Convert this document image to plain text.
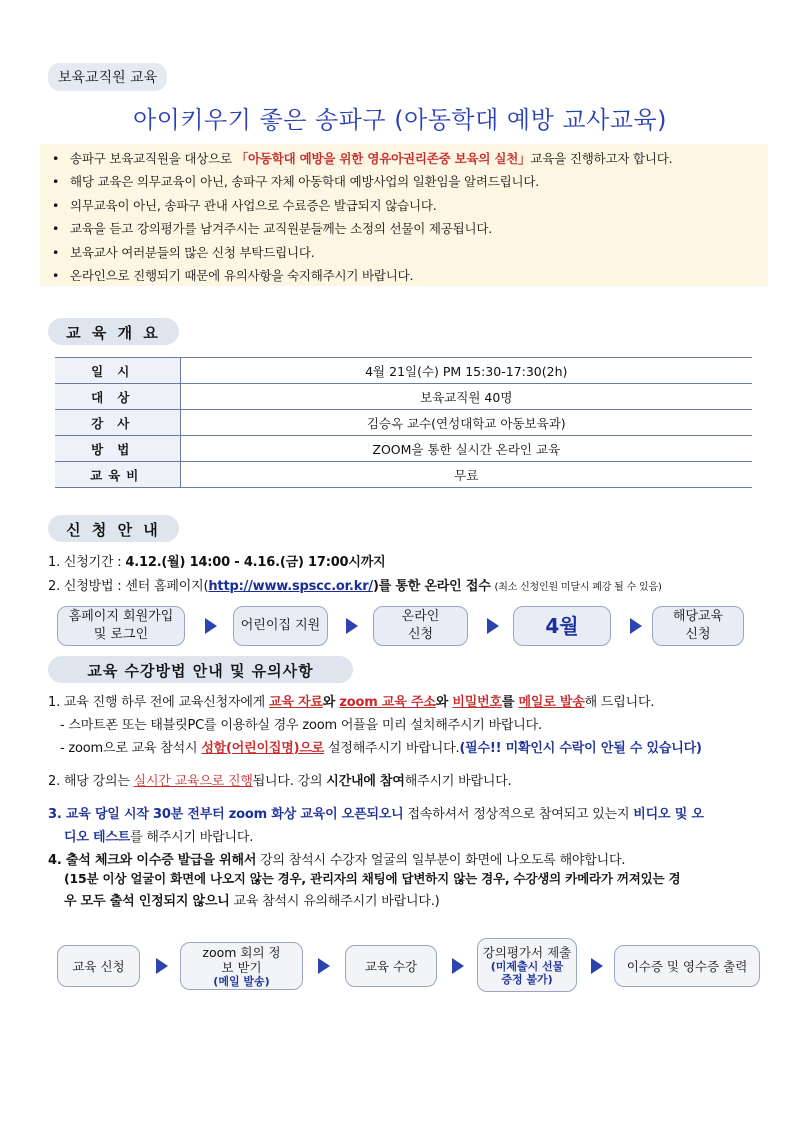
보육교직원 교육
아이키우기 좋은 송파구 (아동학대 예방 교사교육)
• 송파구 보육교직원을 대상으로 「아동학대 예방을 위한 영유아권리존중 보육의 실천」교육을 진행하고자 합니다.
• 해당 교육은 의무교육이 아닌, 송파구 자체 아동학대 예방사업의 일환임을 알려드립니다.
• 의무교육이 아닌, 송파구 관내 사업으로 수료증은 발급되지 않습니다.
• 교육을 듣고 강의평가를 남겨주시는 교직원분들께는 소정의 선물이 제공됩니다.
• 보육교사 여러분들의 많은 신청 부탁드립니다.
• 온라인으로 진행되기 때문에 유의사항을 숙지해주시기 바랍니다.
교 육 개 요
일시	4월 21일(수) PM 15:30-17:30(2h)
대상	보육교직원 40명
강사	김승옥 교수(연성대학교 아동보육과)
방법	ZOOM을 통한 실시간 온라인 교육
교육비	무료
신 청 안 내
1. 신청기간 : 4.12.(월) 14:00 - 4.16.(금) 17:00시까지
2. 신청방법 : 센터 홈페이지(http://www.spscc.or.kr/)를 통한 온라인 접수 (최소 신청인원 미달시 폐강 될 수 있음)
홈페이지 회원가입
및 로그인
어린이집 지원
온라인
신청	4월	해당교육
신청
교육 수강방법 안내 및 유의사항
1. 교육 진행 하루 전에 교육신청자에게 교육 자료와 zoom 교육 주소와 비밀번호를 메일로 발송해 드립니다.
- 스마트폰 또는 태블릿PC를 이용하실 경우 zoom 어플을 미리 설치해주시기 바랍니다.
- zoom으로 교육 참석시 성함(어린이집명)으로 설정해주시기 바랍니다.(필수!! 미확인시 수락이 안될 수 있습니다)
2. 해당 강의는 실시간 교육으로 진행됩니다. 강의 시간내에 참여해주시기 바랍니다.
3. 교육 당일 시작 30분 전부터 zoom 화상 교육이 오픈되오니 접속하셔서 정상적으로 참여되고 있는지 비디오 및 오
디오 테스트를 해주시기 바랍니다.
4. 출석 체크와 이수증 발급을 위해서 강의 참석시 수강자 얼굴의 일부분이 화면에 나오도록 해야합니다.
(15분 이상 얼굴이 화면에 나오지 않는 경우, 관리자의 채팅에 답변하지 않는 경우, 수강생의 카메라가 꺼져있는 경
우 모두 출석 인정되지 않으니 교육 참석시 유의해주시기 바랍니다.)
교육 신청
zoom 회의 정보 받기
(메일 발송)
교육 수강
강의평가서 제출
(미제출시 선물증정 불가)
이수증 및 영수증 출력
